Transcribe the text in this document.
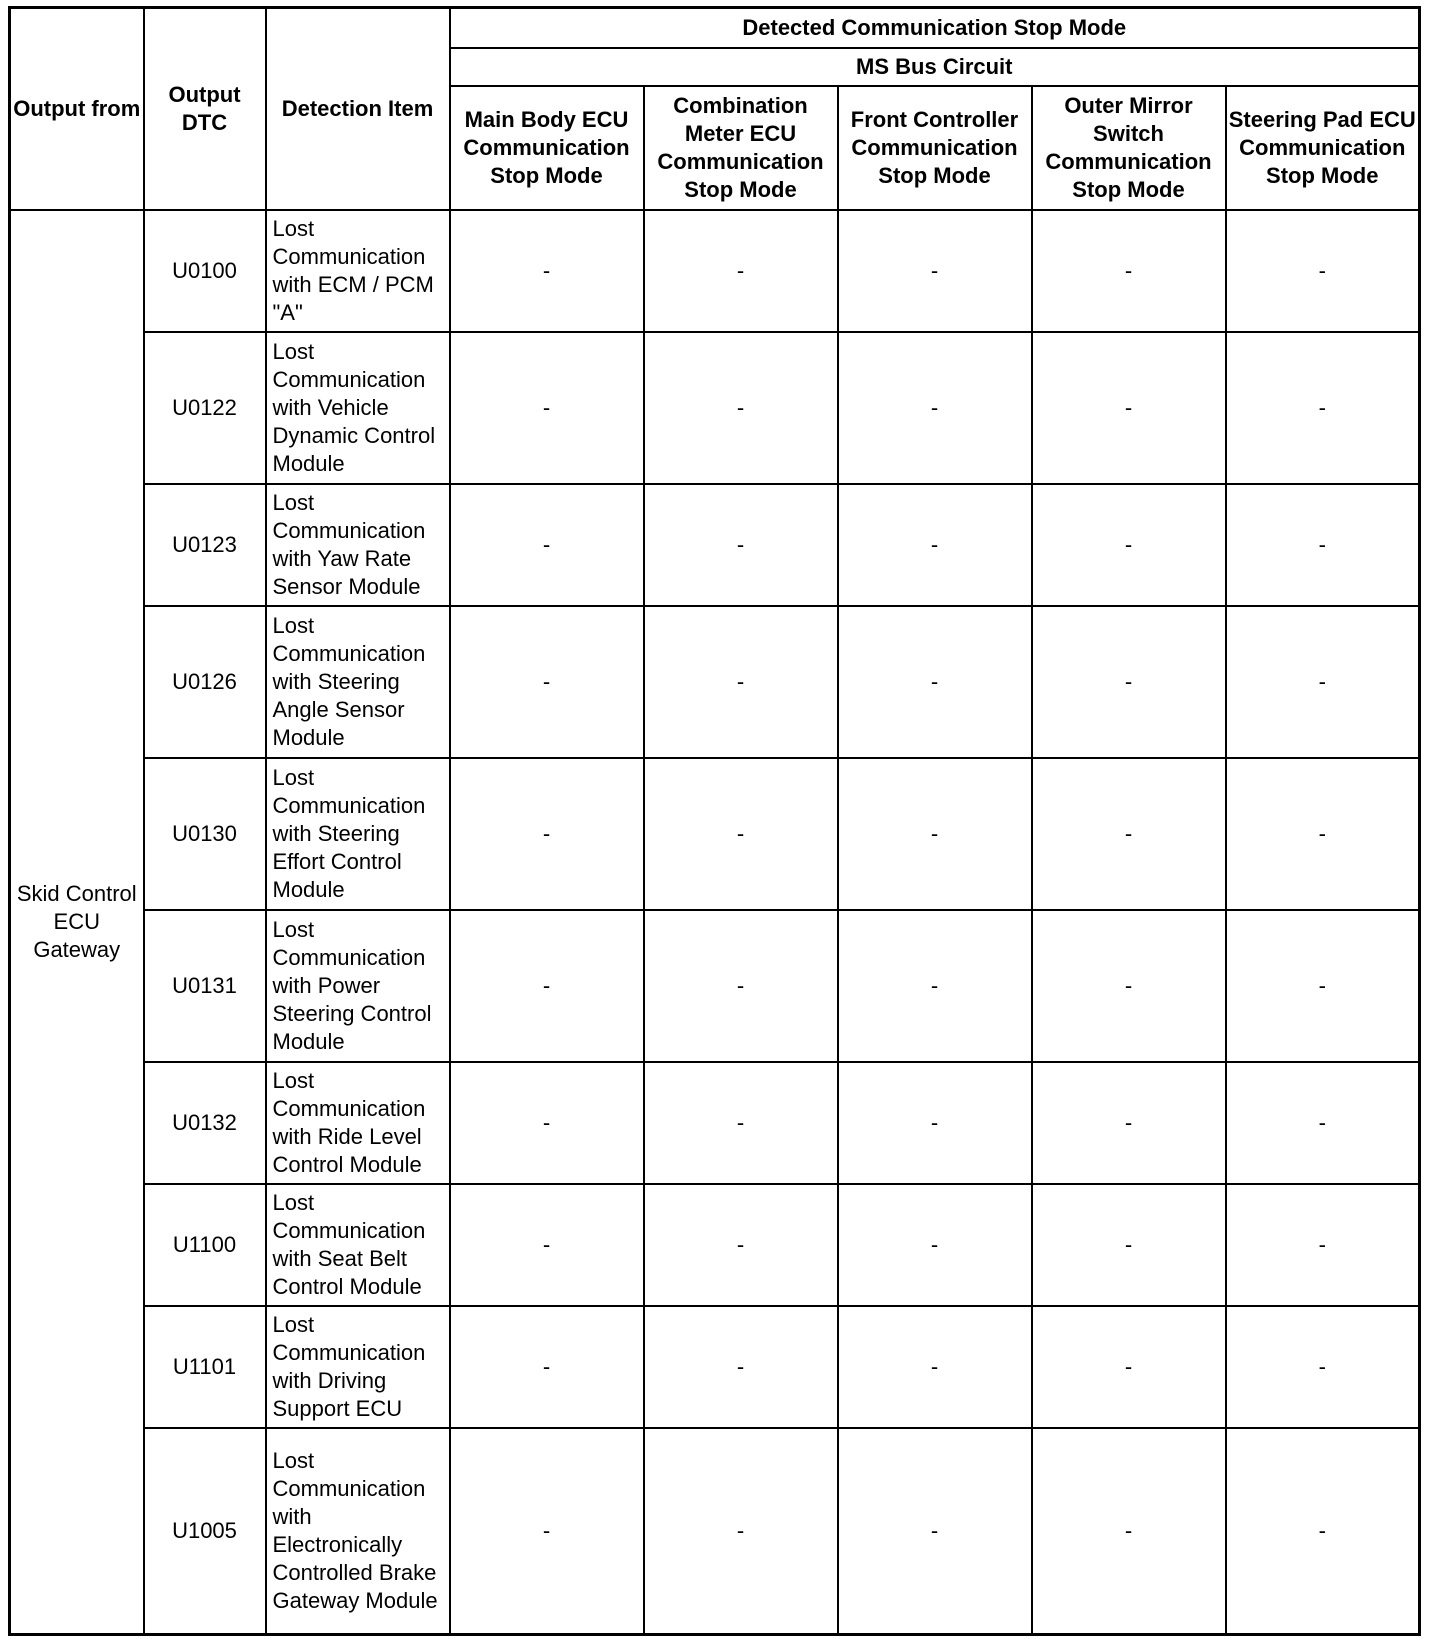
Output from	Output DTC	Detection Item	Detected Communication Stop Mode				
			MS Bus Circuit				
			Main Body ECU Communication Stop Mode	Combination Meter ECU Communication Stop Mode	Front Controller Communication Stop Mode	Outer Mirror Switch Communication Stop Mode	Steering Pad ECU Communication Stop Mode
Skid Control ECU Gateway	U0100	Lost Communication with ECM / PCM "A"	-	-	-	-	-
	U0122	Lost Communication with Vehicle Dynamic Control Module	-	-	-	-	-
	U0123	Lost Communication with Yaw Rate Sensor Module	-	-	-	-	-
	U0126	Lost Communication with Steering Angle Sensor Module	-	-	-	-	-
	U0130	Lost Communication with Steering Effort Control Module	-	-	-	-	-
	U0131	Lost Communication with Power Steering Control Module	-	-	-	-	-
	U0132	Lost Communication with Ride Level Control Module	-	-	-	-	-
	U1100	Lost Communication with Seat Belt Control Module	-	-	-	-	-
	U1101	Lost Communication with Driving Support ECU	-	-	-	-	-
	U1005	Lost Communication with Electronically Controlled Brake Gateway Module	-	-	-	-	-
